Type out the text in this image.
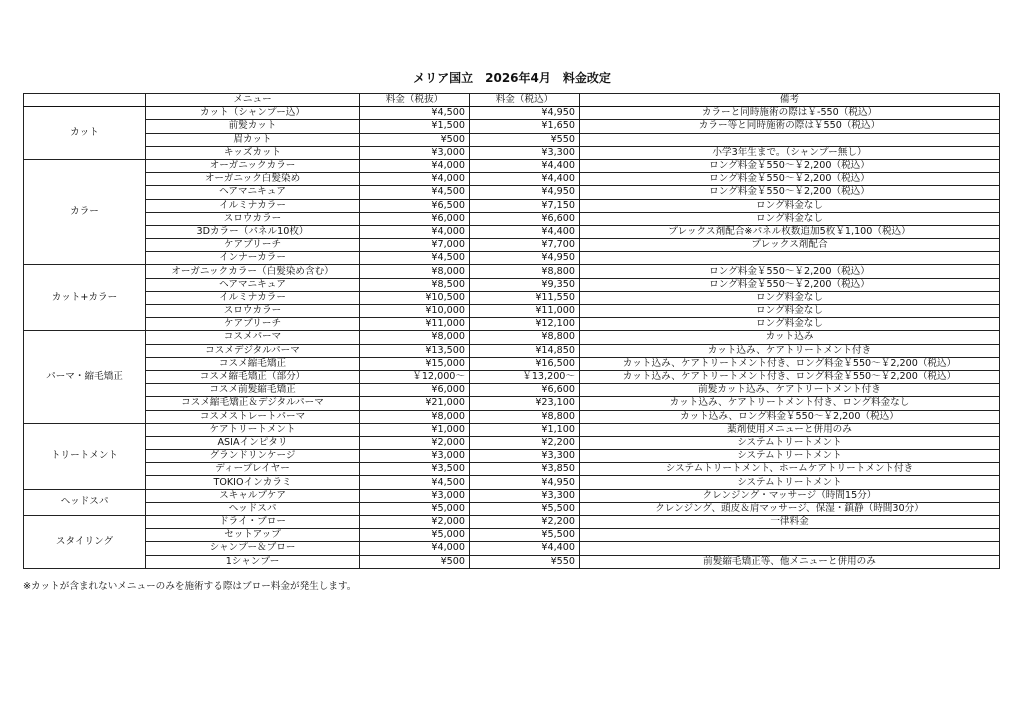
メリア国立　2026年4月　料金改定
	メニュー	料金（税抜）	料金（税込）	備考
カット	カット（シャンプー込）	¥4,500	¥4,950	カラーと同時施術の際は￥-550（税込）
	前髪カット	¥1,500	¥1,650	カラー等と同時施術の際は￥550（税込）
	眉カット	¥500	¥550	
	キッズカット	¥3,000	¥3,300	小学3年生まで。（シャンプー無し）
カラー	オーガニックカラー	¥4,000	¥4,400	ロング料金￥550～￥2,200（税込）
	オーガニック白髪染め	¥4,000	¥4,400	ロング料金￥550～￥2,200（税込）
	ヘアマニキュア	¥4,500	¥4,950	ロング料金￥550～￥2,200（税込）
	イルミナカラー	¥6,500	¥7,150	ロング料金なし
	スロウカラー	¥6,000	¥6,600	ロング料金なし
	3Dカラー（パネル10枚）	¥4,000	¥4,400	プレックス剤配合※パネル枚数追加5枚￥1,100（税込）
	ケアブリーチ	¥7,000	¥7,700	プレックス剤配合
	インナーカラー	¥4,500	¥4,950	
カット+カラー	オーガニックカラー（白髪染め含む）	¥8,000	¥8,800	ロング料金￥550～￥2,200（税込）
	ヘアマニキュア	¥8,500	¥9,350	ロング料金￥550～￥2,200（税込）
	イルミナカラー	¥10,500	¥11,550	ロング料金なし
	スロウカラー	¥10,000	¥11,000	ロング料金なし
	ケアブリーチ	¥11,000	¥12,100	ロング料金なし
パーマ・縮毛矯正	コスメパーマ	¥8,000	¥8,800	カット込み
	コスメデジタルパーマ	¥13,500	¥14,850	カット込み、ケアトリートメント付き
	コスメ縮毛矯正	¥15,000	¥16,500	カット込み、ケアトリートメント付き、ロング料金￥550～￥2,200（税込）
	コスメ縮毛矯正（部分）	￥12,000～	￥13,200～	カット込み、ケアトリートメント付き、ロング料金￥550～￥2,200（税込）
	コスメ前髪縮毛矯正	¥6,000	¥6,600	前髪カット込み、ケアトリートメント付き
	コスメ縮毛矯正＆デジタルパーマ	¥21,000	¥23,100	カット込み、ケアトリートメント付き、ロング料金なし
	コスメストレートパーマ	¥8,000	¥8,800	カット込み、ロング料金￥550～￥2,200（税込）
トリートメント	ケアトリートメント	¥1,000	¥1,100	薬剤使用メニューと併用のみ
	ASIAインピタリ	¥2,000	¥2,200	システムトリートメント
	グランドリンケージ	¥3,000	¥3,300	システムトリートメント
	ディープレイヤー	¥3,500	¥3,850	システムトリートメント、ホームケアトリートメント付き
	TOKIOインカラミ	¥4,500	¥4,950	システムトリートメント
ヘッドスパ	スキャルプケア	¥3,000	¥3,300	クレンジング・マッサージ（時間15分）
	ヘッドスパ	¥5,000	¥5,500	クレンジング、頭皮＆肩マッサージ、保湿・鎮静（時間30分）
スタイリング	ドライ・ブロー	¥2,000	¥2,200	一律料金
	セットアップ	¥5,000	¥5,500	
	シャンプー＆ブロー	¥4,000	¥4,400	
	1シャンプー	¥500	¥550	前髪縮毛矯正等、他メニューと併用のみ
※カットが含まれないメニューのみを施術する際はブロー料金が発生します。
